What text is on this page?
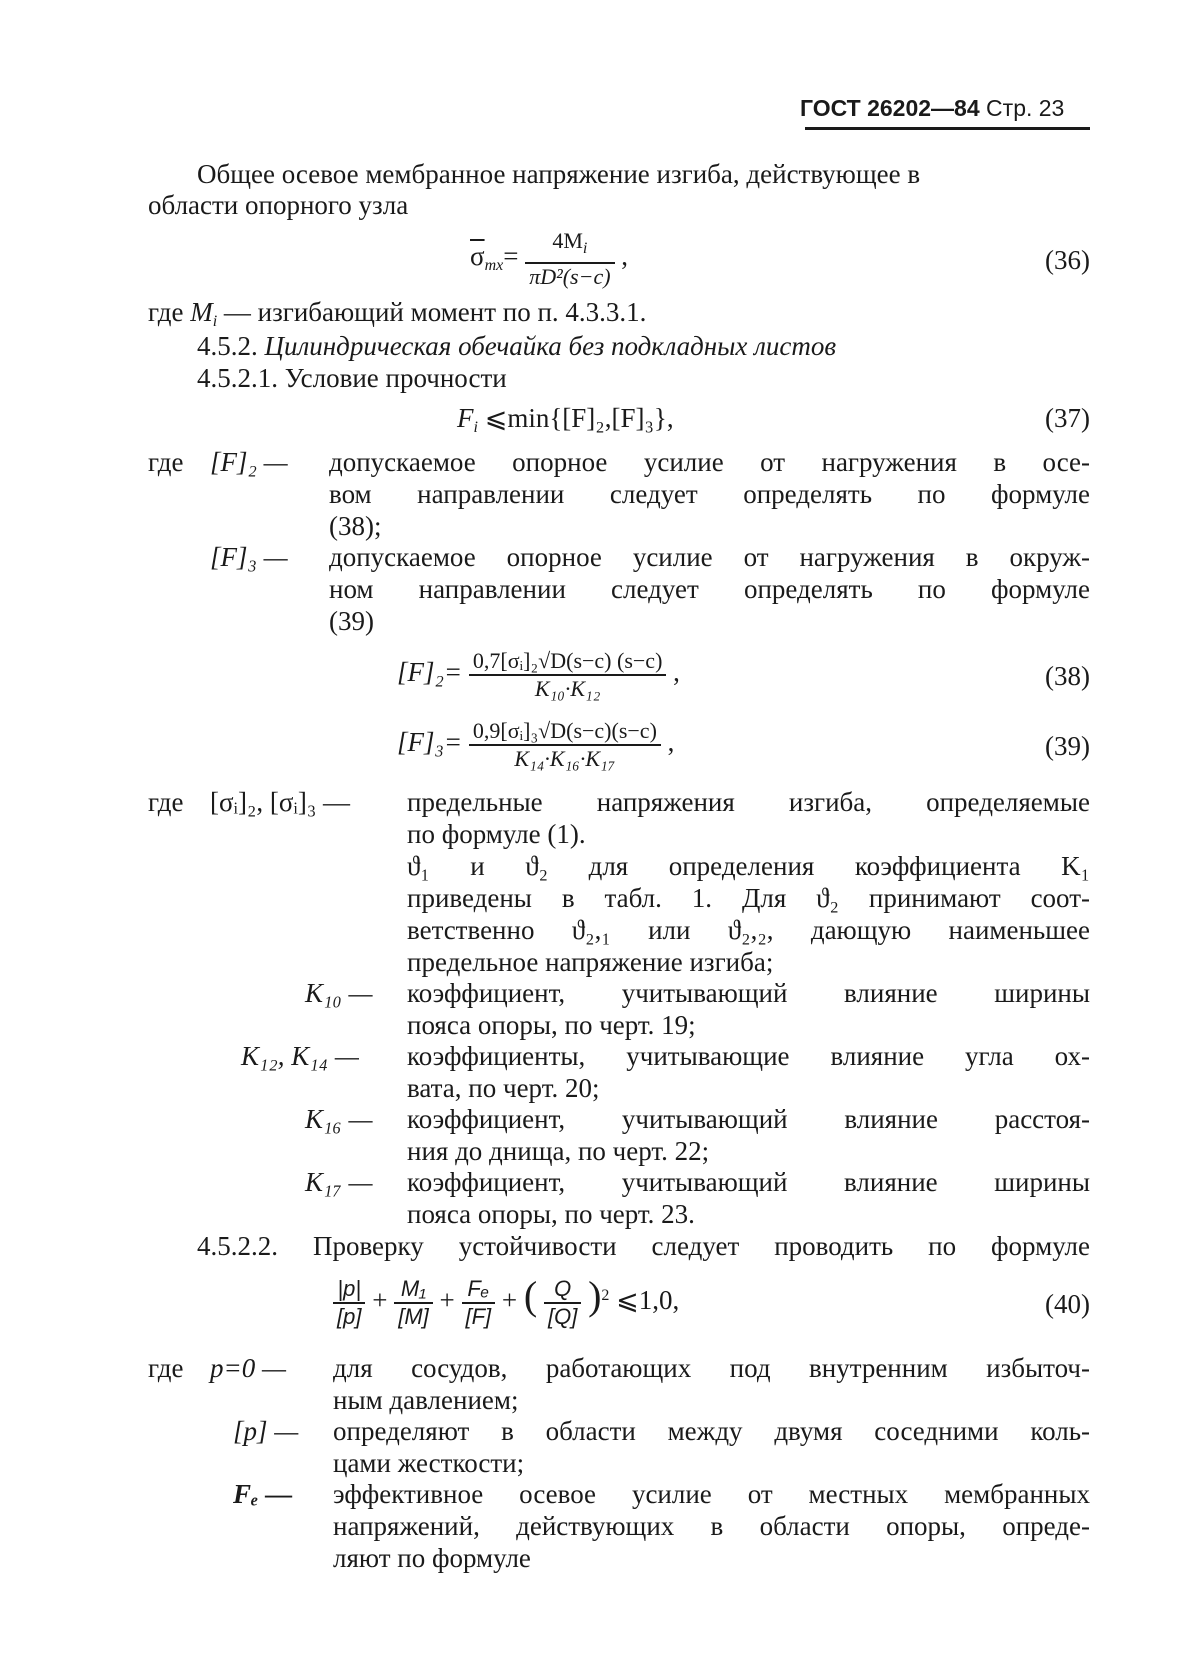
ГОСТ 26202—84 Стр. 23
Общее осевое мембранное напряжение изгиба, действующее в
области опорного узла
$\overline{\sigma}_{mx}= \frac{4M_i}{\text{πD²(s−c)}}$ ,	(36)
где $M_i$ — изгибающий момент по п. 4.3.3.1.
4.5.2. Цилиндрическая обечайка без подкладных листов
4.5.2.1. Условие прочности
$F_i$ ⩽min{[F]₂,[F]₃},	(37)
где [F]₂ — допускаемое опорное усилие от нагружения в осе-
вом направлении следует определять по формуле
(38);
[F]₃ — допускаемое опорное усилие от нагружения в окруж-
ном направлении следует определять по формуле
(39)
$[F]_2= \frac{\text{0,7[σᵢ]₂√D(s−c) (s−c)}}{\text{K₁₀·K₁₂}}$ ,	(38)
$[F]_3= \frac{\text{0,9[σᵢ]₃√D(s−c)(s−c)}}{\text{K₁₄·K₁₆·K₁₇}}$ ,	(39)
где [σᵢ]₂, [σᵢ]₃ — предельные напряжения изгиба, определяемые
по формуле (1).
ϑ₁ и ϑ₂ для определения коэффициента K₁
приведены в табл. 1. Для ϑ₂ принимают соот-
ветственно ϑ₂,₁ или ϑ₂,₂, дающую наименьшее
предельное напряжение изгиба;
K₁₀ — коэффициент, учитывающий влияние ширины
пояса опоры, по черт. 19;
K₁₂, K₁₄ — коэффициенты, учитывающие влияние угла ох-
вата, по черт. 20;
K₁₆ — коэффициент, учитывающий влияние расстоя-
ния до днища, по черт. 22;
K₁₇ — коэффициент, учитывающий влияние ширины
пояса опоры, по черт. 23.
4.5.2.2. Проверку устойчивости следует проводить по формуле
$\frac{|p|}{[p]} + \frac{\text{M₁}}{[M]} + \frac{\text{Fₑ}}{[F]}$ + ( $\frac{Q}{[Q]} )^2$ ⩽1,0,	(40)
где p=0 — для сосудов, работающих под внутренним избыточ-
ным давлением;
[p] — определяют в области между двумя соседними коль-
цами жесткости;
Fₑ — эффективное осевое усилие от местных мембранных
напряжений, действующих в области опоры, опреде-
ляют по формуле
